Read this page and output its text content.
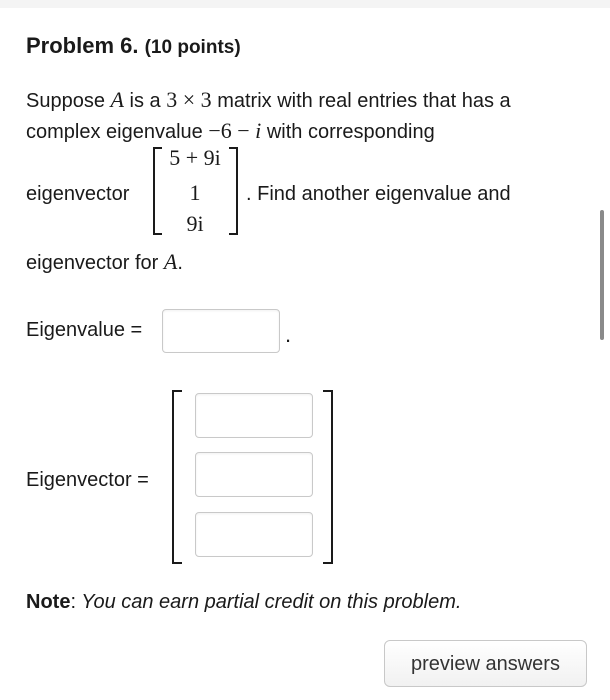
Problem 6. (10 points)
Suppose A is a 3 × 3 matrix with real entries that has a
complex eigenvalue −6 − i with corresponding
eigenvector
5 + 9i
1
9i
. Find another eigenvalue and
eigenvector for A.
Eigenvalue =	.
Eigenvector =
Note: You can earn partial credit on this problem.
preview answers
